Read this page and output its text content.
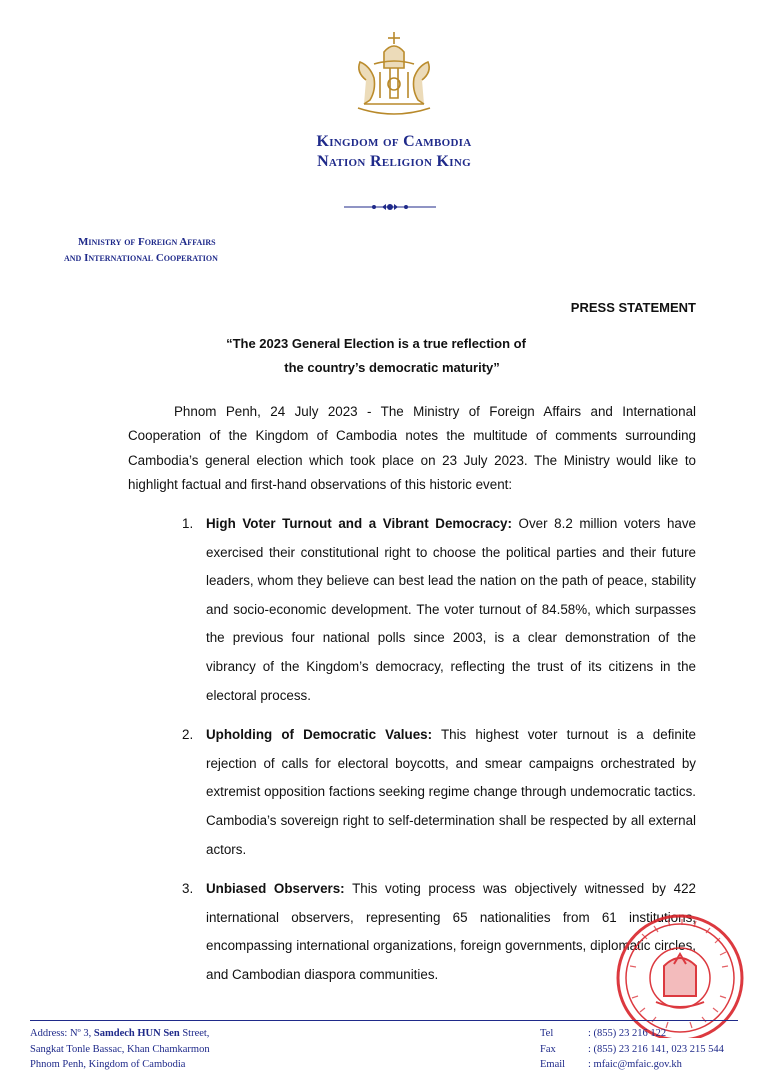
Kingdom of Cambodia
Nation Religion King
Ministry of Foreign Affairs
and International Cooperation
PRESS STATEMENT
“The 2023 General Election is a true reflection of
the country’s democratic maturity”
Phnom Penh, 24 July 2023 - The Ministry of Foreign Affairs and International Cooperation of the Kingdom of Cambodia notes the multitude of comments surrounding Cambodia’s general election which took place on 23 July 2023. The Ministry would like to highlight factual and first-hand observations of this historic event:
1. High Voter Turnout and a Vibrant Democracy: Over 8.2 million voters have exercised their constitutional right to choose the political parties and their future leaders, whom they believe can best lead the nation on the path of peace, stability and socio-economic development. The voter turnout of 84.58%, which surpasses the previous four national polls since 2003, is a clear demonstration of the vibrancy of the Kingdom’s democracy, reflecting the trust of its citizens in the electoral process.
2. Upholding of Democratic Values: This highest voter turnout is a definite rejection of calls for electoral boycotts, and smear campaigns orchestrated by extremist opposition factions seeking regime change through undemocratic tactics. Cambodia’s sovereign right to self-determination shall be respected by all external actors.
3. Unbiased Observers: This voting process was objectively witnessed by 422 international observers, representing 65 nationalities from 61 institutions, encompassing international organizations, foreign governments, diplomatic circles, and Cambodian diaspora communities.
Address: Nº 3, Samdech HUN Sen Street,
Sangkat Tonle Bassac, Khan Chamkarmon
Phnom Penh, Kingdom of Cambodia
Tel	: (855) 23 216 122
Fax	: (855) 23 216 141, 023 215 544
Email : mfaic@mfaic.gov.kh
